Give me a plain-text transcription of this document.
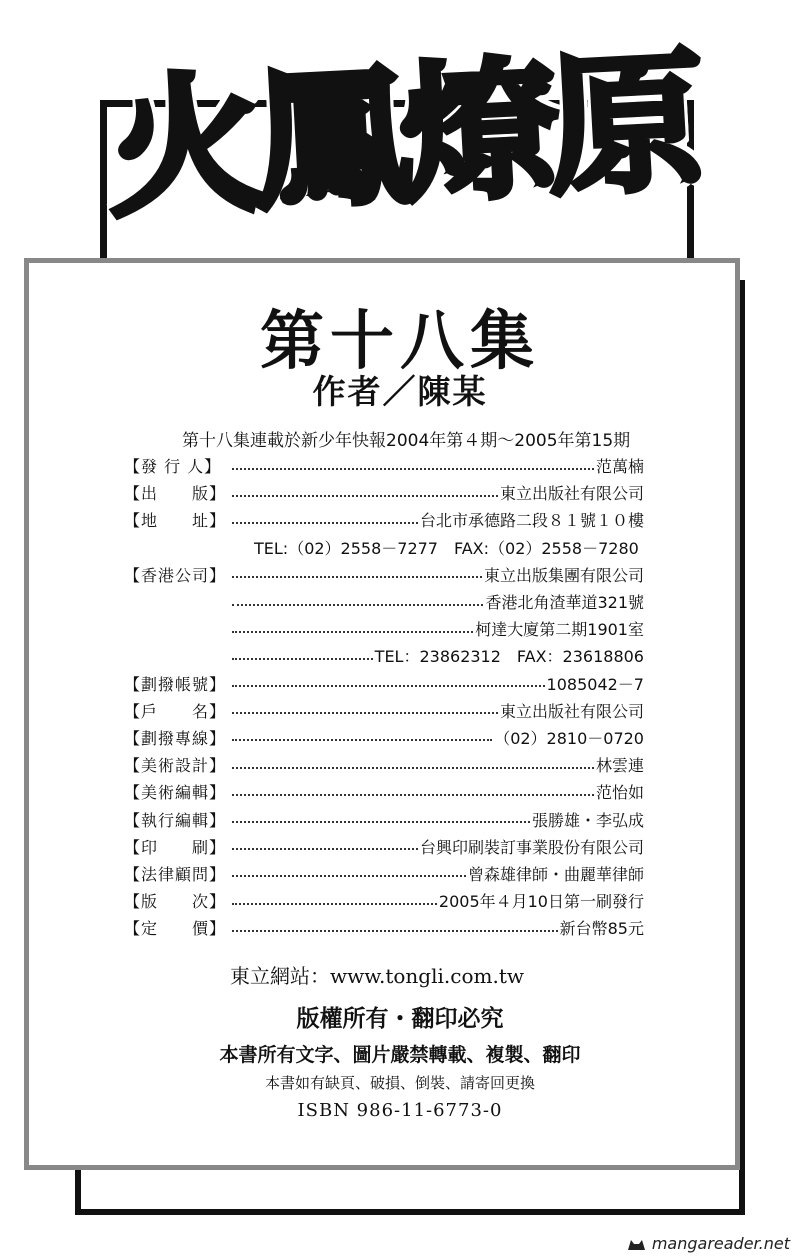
火鳳燎原
第十八集
作者／陳某
第十八集連載於新少年快報2004年第４期～2005年第15期
【發 行 人】	范萬楠
【出　　版】	東立出版社有限公司
【地　　址】	台北市承德路二段８１號１０樓
TEL:（02）2558－7277　FAX:（02）2558－7280
【香港公司】	東立出版集團有限公司
香港北角渣華道321號
柯達大廈第二期1901室
TEL：23862312　FAX：23618806
【劃撥帳號】	1085042－7
【戶　　名】	東立出版社有限公司
【劃撥專線】	（02）2810－0720
【美術設計】	林雲連
【美術編輯】	范怡如
【執行編輯】	張勝雄・李弘成
【印　　刷】	台興印刷裝訂事業股份有限公司
【法律顧問】	曾森雄律師・曲麗華律師
【版　　次】	2005年４月10日第一刷發行
【定　　價】	新台幣85元
東立網站：www.tongli.com.tw
版權所有・翻印必究
本書所有文字、圖片嚴禁轉載、複製、翻印
本書如有缺頁、破損、倒裝、請寄回更換
ISBN 986-11-6773-0
mangareader.net
